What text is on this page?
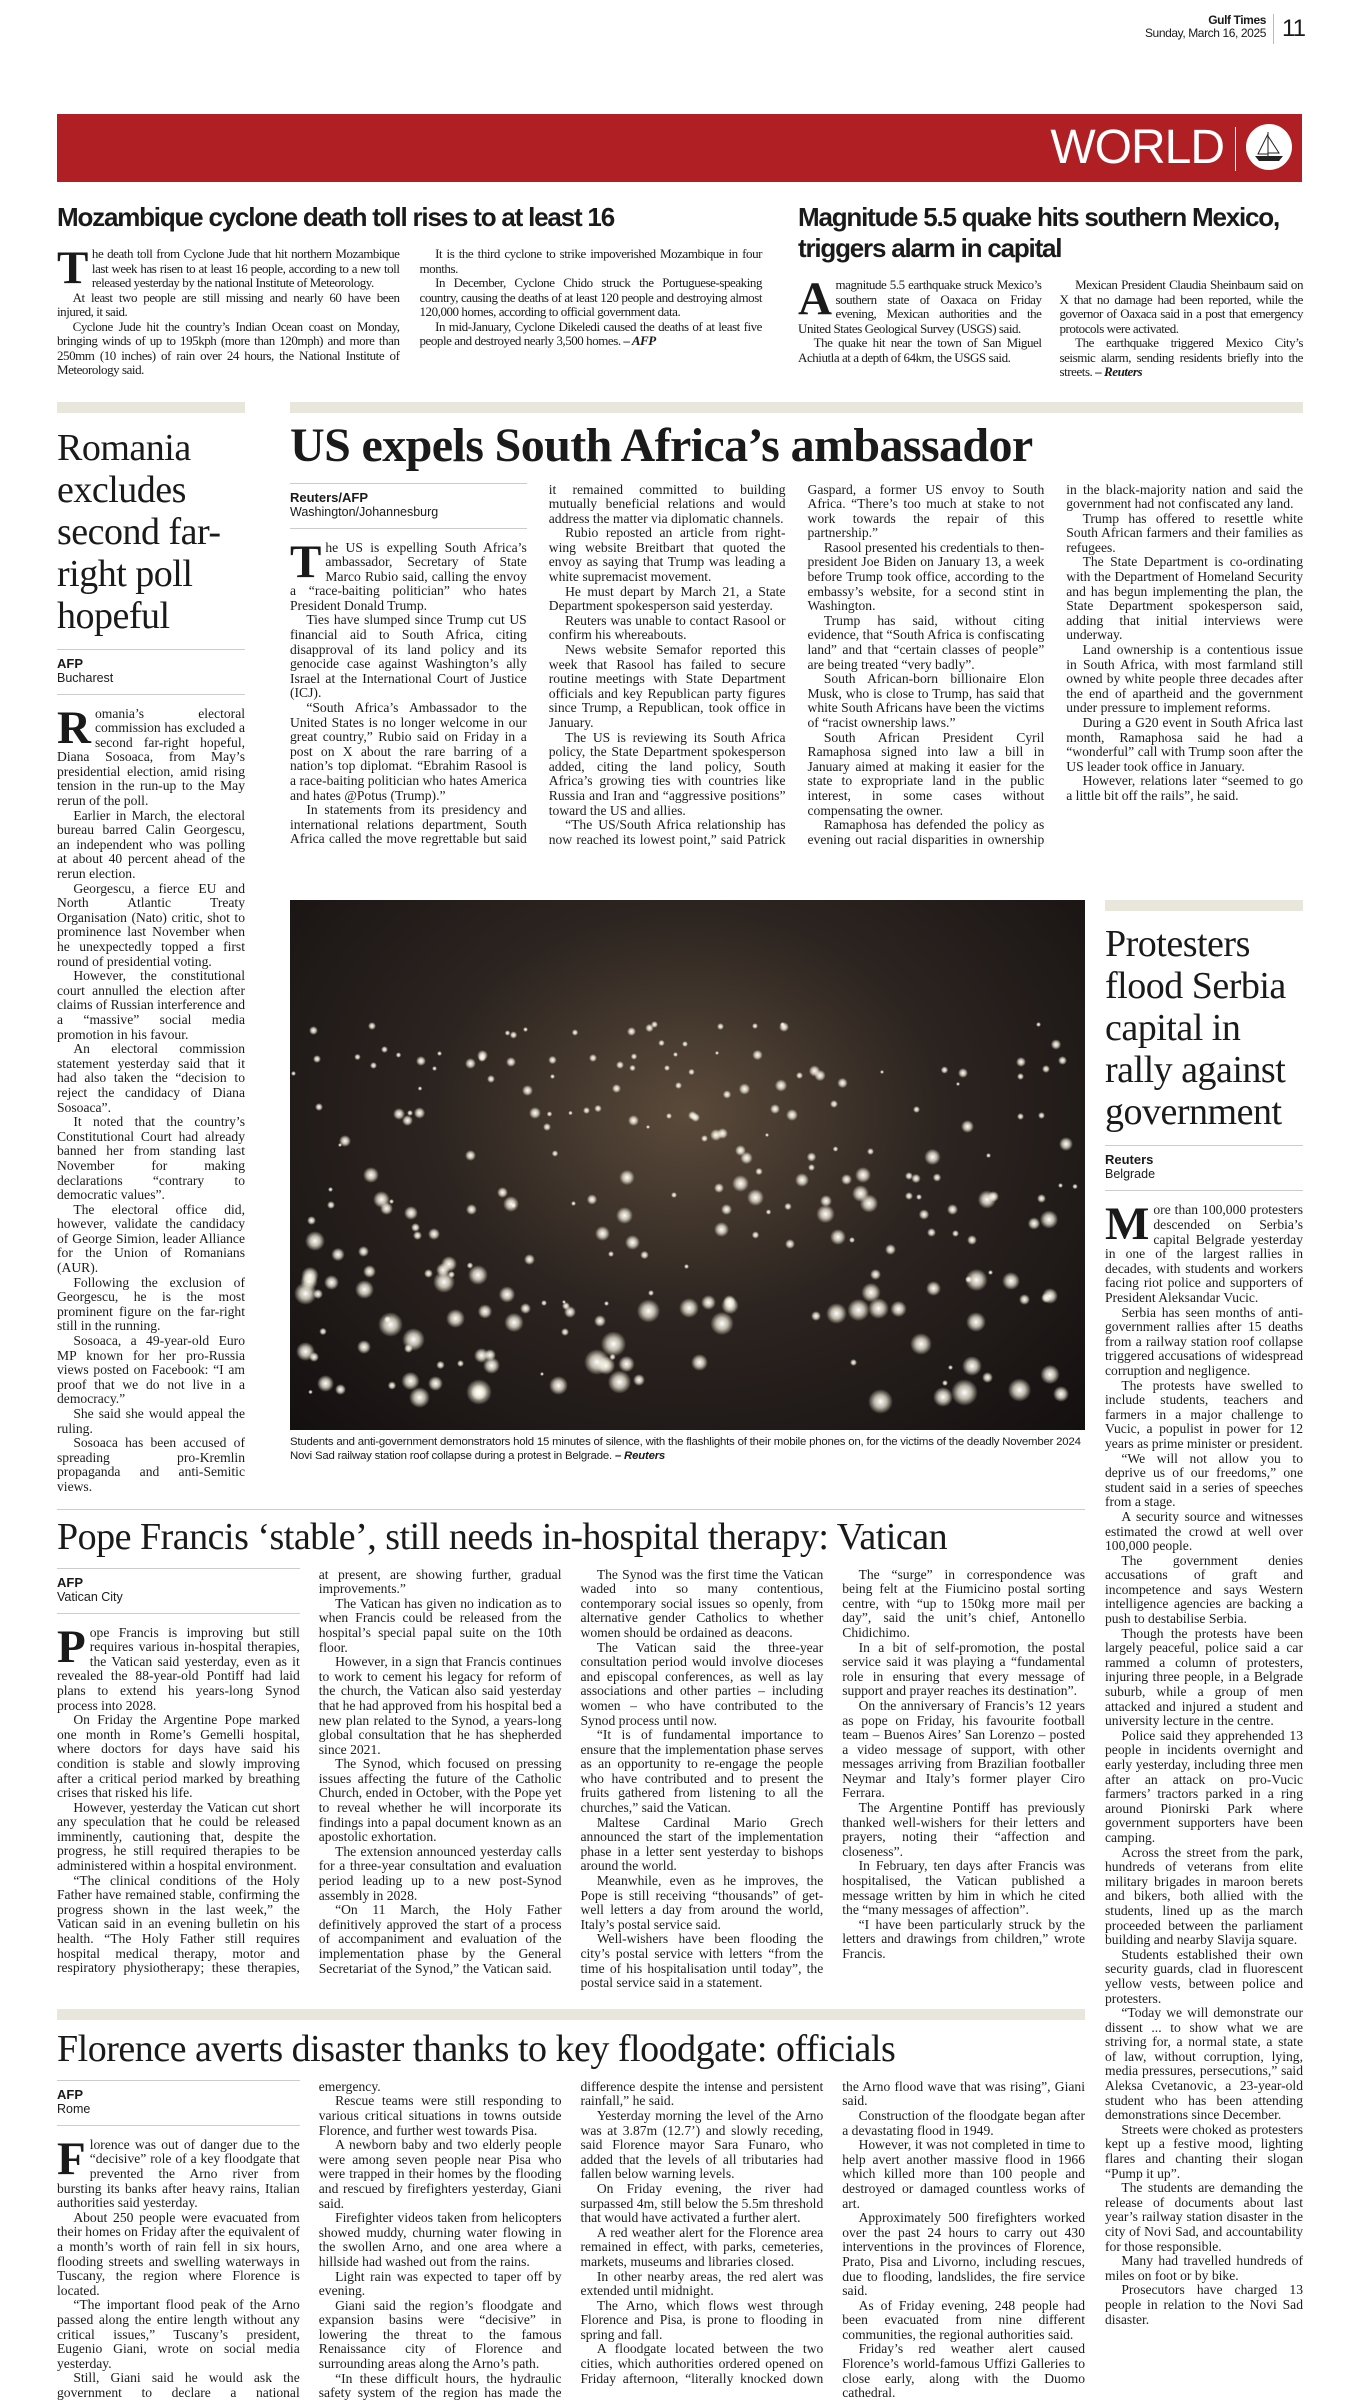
Gulf Times
Sunday, March 16, 2025 11
WORLD
Mozambique cyclone death toll rises to at least 16

The death toll from Cyclone Jude that hit northern Mozambique last week has risen to at least 16 people, according to a new toll released yesterday by the national Institute of Meteorology.

At least two people are still missing and nearly 60 have been injured, it said.

Cyclone Jude hit the country’s Indian Ocean coast on Monday, bringing winds of up to 195kph (more than 120mph) and more than 250mm (10 inches) of rain over 24 hours, the National Institute of Meteorology said.

It is the third cyclone to strike impoverished Mozambique in four months.

In December, Cyclone Chido struck the Portuguese-speaking country, causing the deaths of at least 120 people and destroying almost 120,000 homes, according to official government data.

In mid-January, Cyclone Dikeledi caused the deaths of at least five people and destroyed nearly 3,500 homes. – AFP

Magnitude 5.5 quake hits southern Mexico, triggers alarm in capital

Amagnitude 5.5 earthquake struck Mexico’s southern state of Oaxaca on Friday evening, Mexican authorities and the United States Geological Survey (USGS) said.

The quake hit near the town of San Miguel Achiutla at a depth of 64km, the USGS said.

Mexican President Claudia Sheinbaum said on X that no damage had been reported, while the governor of Oaxaca said in a post that emergency protocols were activated.

The earthquake triggered Mexico City’s seismic alarm, sending residents briefly into the streets. – Reuters

Romania excludes second far-right poll hopeful
AFP
Bucharest

Romania’s electoral commission has excluded a second far-right hopeful, Diana Sosoaca, from May’s presidential election, amid rising tension in the run-up to the May rerun of the poll.

Earlier in March, the electoral bureau barred Calin Georgescu, an independent who was polling at about 40 percent ahead of the rerun election.

Georgescu, a fierce EU and North Atlantic Treaty Organisation (Nato) critic, shot to prominence last November when he unexpectedly topped a first round of presidential voting.

However, the constitutional court annulled the election after claims of Russian interference and a “massive” social media promotion in his favour.

An electoral commission statement yesterday said that it had also taken the “decision to reject the candidacy of Diana Sosoaca”.

It noted that the country’s Constitutional Court had already banned her from standing last November for making declarations “contrary to democratic values”.

The electoral office did, however, validate the candidacy of George Simion, leader Alliance for the Union of Romanians (AUR).

Following the exclusion of Georgescu, he is the most prominent figure on the far-right still in the running.

Sosoaca, a 49-year-old Euro MP known for her pro-Russia views posted on Facebook: “I am proof that we do not live in a democracy.”

She said she would appeal the ruling.

Sosoaca has been accused of spreading pro-Kremlin propaganda and anti-Semitic views.

US expels South Africa’s ambassador
Reuters/AFP
Washington/Johannesburg

The US is expelling South Africa’s ambassador, Secretary of State Marco Rubio said, calling the envoy a “race-baiting politician” who hates President Donald Trump.

Ties have slumped since Trump cut US financial aid to South Africa, citing disapproval of its land policy and its genocide case against Washington’s ally Israel at the International Court of Justice (ICJ).

“South Africa’s Ambassador to the United States is no longer welcome in our great country,” Rubio said on Friday in a post on X about the rare barring of a nation’s top diplomat. “Ebrahim Rasool is a race-baiting politician who hates America and hates @Potus (Trump).”

In statements from its presidency and international relations department, South Africa called the move regrettable but said it remained committed to building mutually beneficial relations and would address the matter via diplomatic channels.

Rubio reposted an article from right-wing website Breitbart that quoted the envoy as saying that Trump was leading a white supremacist movement.

He must depart by March 21, a State Department spokesperson said yesterday.

Reuters was unable to contact Rasool or confirm his whereabouts.

News website Semafor reported this week that Rasool has failed to secure routine meetings with State Department officials and key Republican party figures since Trump, a Republican, took office in January.

The US is reviewing its South Africa policy, the State Department spokesperson added, citing the land policy, South Africa’s growing ties with countries like Russia and Iran and “aggressive positions” toward the US and allies.

“The US/South Africa relationship has now reached its lowest point,” said Patrick Gaspard, a former US envoy to South Africa. “There’s too much at stake to not work towards the repair of this partnership.”

Rasool presented his credentials to then-president Joe Biden on January 13, a week before Trump took office, according to the embassy’s website, for a second stint in Washington.

Trump has said, without citing evidence, that “South Africa is confiscating land” and that “certain classes of people” are being treated “very badly”.

South African-born billionaire Elon Musk, who is close to Trump, has said that white South Africans have been the victims of “racist ownership laws.”

South African President Cyril Ramaphosa signed into law a bill in January aimed at making it easier for the state to expropriate land in the public interest, in some cases without compensating the owner.

Ramaphosa has defended the policy as evening out racial disparities in ownership in the black-majority nation and said the government had not confiscated any land.

Trump has offered to resettle white South African farmers and their families as refugees.

The State Department is co-ordinating with the Department of Homeland Security and has begun implementing the plan, the State Department spokesperson said, adding that initial interviews were underway.

Land ownership is a contentious issue in South Africa, with most farmland still owned by white people three decades after the end of apartheid and the government under pressure to implement reforms.

During a G20 event in South Africa last month, Ramaphosa said he had a “wonderful” call with Trump soon after the US leader took office in January.

However, relations later “seemed to go a little bit off the rails”, he said.

Students and anti-government demonstrators hold 15 minutes of silence, with the flashlights of their mobile phones on, for the victims of the deadly November 2024 Novi Sad railway station roof collapse during a protest in Belgrade. – Reuters
Protesters flood Serbia capital in rally against government
Reuters
Belgrade

More than 100,000 protesters descended on Serbia’s capital Belgrade yesterday in one of the largest rallies in decades, with students and workers facing riot police and supporters of President Aleksandar Vucic.

Serbia has seen months of anti-government rallies after 15 deaths from a railway station roof collapse triggered accusations of widespread corruption and negligence.

The protests have swelled to include students, teachers and farmers in a major challenge to Vucic, a populist in power for 12 years as prime minister or president.

“We will not allow you to deprive us of our freedoms,” one student said in a series of speeches from a stage.

A security source and witnesses estimated the crowd at well over 100,000 people.

The government denies accusations of graft and incompetence and says Western intelligence agencies are backing a push to destabilise Serbia.

Though the protests have been largely peaceful, police said a car rammed a column of protesters, injuring three people, in a Belgrade suburb, while a group of men attacked and injured a student and university lecture in the centre.

Police said they apprehended 13 people in incidents overnight and early yesterday, including three men after an attack on pro-Vucic farmers’ tractors parked in a ring around Pionirski Park where government supporters have been camping.

Across the street from the park, hundreds of veterans from elite military brigades in maroon berets and bikers, both allied with the students, lined up as the march proceeded between the parliament building and nearby Slavija square.

Students established their own security guards, clad in fluorescent yellow vests, between police and protesters.

“Today we will demonstrate our dissent ... to show what we are striving for, a normal state, a state of law, without corruption, lying, media pressures, persecutions,” said Aleksa Cvetanovic, a 23-year-old student who has been attending demonstrations since December.

Streets were choked as protesters kept up a festive mood, lighting flares and chanting their slogan “Pump it up”.

The students are demanding the release of documents about last year’s railway station disaster in the city of Novi Sad, and accountability for those responsible.

Many had travelled hundreds of miles on foot or by bike.

Prosecutors have charged 13 people in relation to the Novi Sad disaster.

Pope Francis ‘stable’, still needs in-hospital therapy: Vatican
AFP
Vatican City

Pope Francis is improving but still requires various in-hospital therapies, the Vatican said yesterday, even as it revealed the 88-year-old Pontiff had laid plans to extend his years-long Synod process into 2028.

On Friday the Argentine Pope marked one month in Rome’s Gemelli hospital, where doctors for days have said his condition is stable and slowly improving after a critical period marked by breathing crises that risked his life.

However, yesterday the Vatican cut short any speculation that he could be released imminently, cautioning that, despite the progress, he still required therapies to be administered within a hospital environment.

“The clinical conditions of the Holy Father have remained stable, confirming the progress shown in the last week,” the Vatican said in an evening bulletin on his health. “The Holy Father still requires hospital medical therapy, motor and respiratory physiotherapy; these therapies, at present, are showing further, gradual improvements.”

The Vatican has given no indication as to when Francis could be released from the hospital’s special papal suite on the 10th floor.

However, in a sign that Francis continues to work to cement his legacy for reform of the church, the Vatican also said yesterday that he had approved from his hospital bed a new plan related to the Synod, a years-long global consultation that he has shepherded since 2021.

The Synod, which focused on pressing issues affecting the future of the Catholic Church, ended in October, with the Pope yet to reveal whether he will incorporate its findings into a papal document known as an apostolic exhortation.

The extension announced yesterday calls for a three-year consultation and evaluation period leading up to a new post-Synod assembly in 2028.

“On 11 March, the Holy Father definitively approved the start of a process of accompaniment and evaluation of the implementation phase by the General Secretariat of the Synod,” the Vatican said.

The Synod was the first time the Vatican waded into so many contentious, contemporary social issues so openly, from alternative gender Catholics to whether women should be ordained as deacons.

The Vatican said the three-year consultation period would involve dioceses and episcopal conferences, as well as lay associations and other parties – including women – who have contributed to the Synod process until now.

“It is of fundamental importance to ensure that the implementation phase serves as an opportunity to re-engage the people who have contributed and to present the fruits gathered from listening to all the churches,” said the Vatican.

Maltese Cardinal Mario Grech announced the start of the implementation phase in a letter sent yesterday to bishops around the world.

Meanwhile, even as he improves, the Pope is still receiving “thousands” of get-well letters a day from around the world, Italy’s postal service said.

Well-wishers have been flooding the city’s postal service with letters “from the time of his hospitalisation until today”, the postal service said in a statement.

The “surge” in correspondence was being felt at the Fiumicino postal sorting centre, with “up to 150kg more mail per day”, said the unit’s chief, Antonello Chidichimo.

In a bit of self-promotion, the postal service said it was playing a “fundamental role in ensuring that every message of support and prayer reaches its destination”.

On the anniversary of Francis’s 12 years as pope on Friday, his favourite football team – Buenos Aires’ San Lorenzo – posted a video message of support, with other messages arriving from Brazilian footballer Neymar and Italy’s former player Ciro Ferrara.

The Argentine Pontiff has previously thanked well-wishers for their letters and prayers, noting their “affection and closeness”.

In February, ten days after Francis was hospitalised, the Vatican published a message written by him in which he cited the “many messages of affection”.

“I have been particularly struck by the letters and drawings from children,” wrote Francis.

Florence averts disaster thanks to key floodgate: officials
AFP
Rome

Florence was out of danger due to the “decisive” role of a key floodgate that prevented the Arno river from bursting its banks after heavy rains, Italian authorities said yesterday.

About 250 people were evacuated from their homes on Friday after the equivalent of a month’s worth of rain fell in six hours, flooding streets and swelling waterways in Tuscany, the region where Florence is located.

“The important flood peak of the Arno passed along the entire length without any critical issues,” Tuscany’s president, Eugenio Giani, wrote on social media yesterday.

Still, Giani said he would ask the government to declare a national emergency.

Rescue teams were still responding to various critical situations in towns outside Florence, and further west towards Pisa.

A newborn baby and two elderly people were among seven people near Pisa who were trapped in their homes by the flooding and rescued by firefighters yesterday, Giani said.

Firefighter videos taken from helicopters showed muddy, churning water flowing in the swollen Arno, and one area where a hillside had washed out from the rains.

Light rain was expected to taper off by evening.

Giani said the region’s floodgate and expansion basins were “decisive” in lowering the threat to the famous Renaissance city of Florence and surrounding areas along the Arno’s path.

“In these difficult hours, the hydraulic safety system of the region has made the difference despite the intense and persistent rainfall,” he said.

Yesterday morning the level of the Arno was at 3.87m (12.7’) and slowly receding, said Florence mayor Sara Funaro, who added that the levels of all tributaries had fallen below warning levels.

On Friday evening, the river had surpassed 4m, still below the 5.5m threshold that would have activated a further alert.

A red weather alert for the Florence area remained in effect, with parks, cemeteries, markets, museums and libraries closed.

In other nearby areas, the red alert was extended until midnight.

The Arno, which flows west through Florence and Pisa, is prone to flooding in spring and fall.

A floodgate located between the two cities, which authorities ordered opened on Friday afternoon, “literally knocked down the Arno flood wave that was rising”, Giani said.

Construction of the floodgate began after a devastating flood in 1949.

However, it was not completed in time to help avert another massive flood in 1966 which killed more than 100 people and destroyed or damaged countless works of art.

Approximately 500 firefighters worked over the past 24 hours to carry out 430 interventions in the provinces of Florence, Prato, Pisa and Livorno, including rescues, due to flooding, landslides, the fire service said.

As of Friday evening, 248 people had been evacuated from nine different communities, the regional authorities said.

Friday’s red weather alert caused Florence’s world-famous Uffizi Galleries to close early, along with the Duomo cathedral.
